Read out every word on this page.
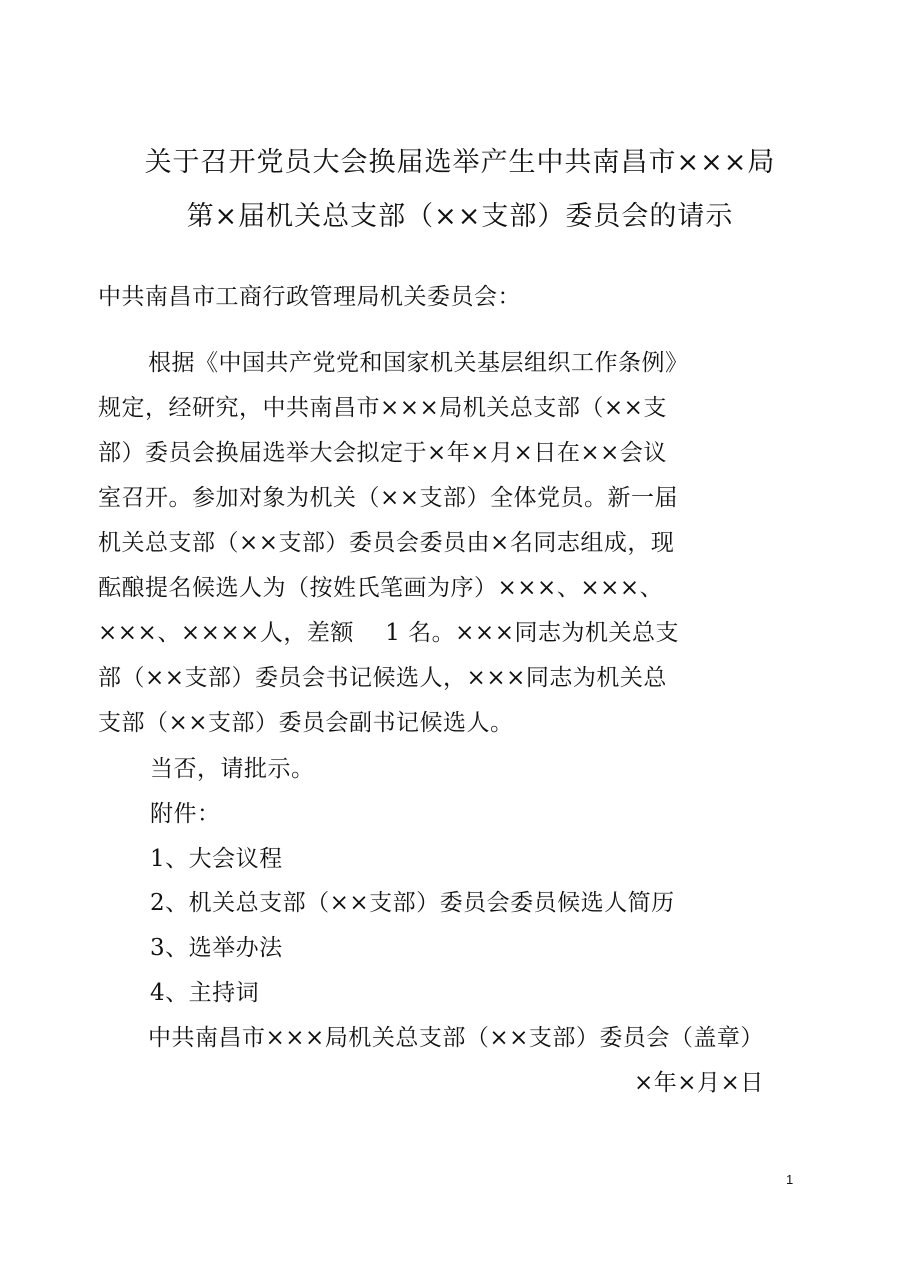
关于召开党员大会换届选举产生中共南昌市×××局
第×届机关总支部（××支部）委员会的请示
中共南昌市工商行政管理局机关委员会：
根据《中国共产党党和国家机关基层组织工作条例》
规定，经研究，中共南昌市×××局机关总支部（××支
部）委员会换届选举大会拟定于×年×月×日在××会议
室召开。参加对象为机关（××支部）全体党员。新一届
机关总支部（××支部）委员会委员由×名同志组成，现
酝酿提名候选人为（按姓氏笔画为序）×××、×××、
×××、××××人，差额　 1 名。×××同志为机关总支
部（××支部）委员会书记候选人，×××同志为机关总
支部（××支部）委员会副书记候选人。
当否，请批示。
附件：
1、大会议程
2、机关总支部（××支部）委员会委员候选人简历
3、选举办法
4、主持词
中共南昌市×××局机关总支部（××支部）委员会（盖章）
×年×月×日
1
